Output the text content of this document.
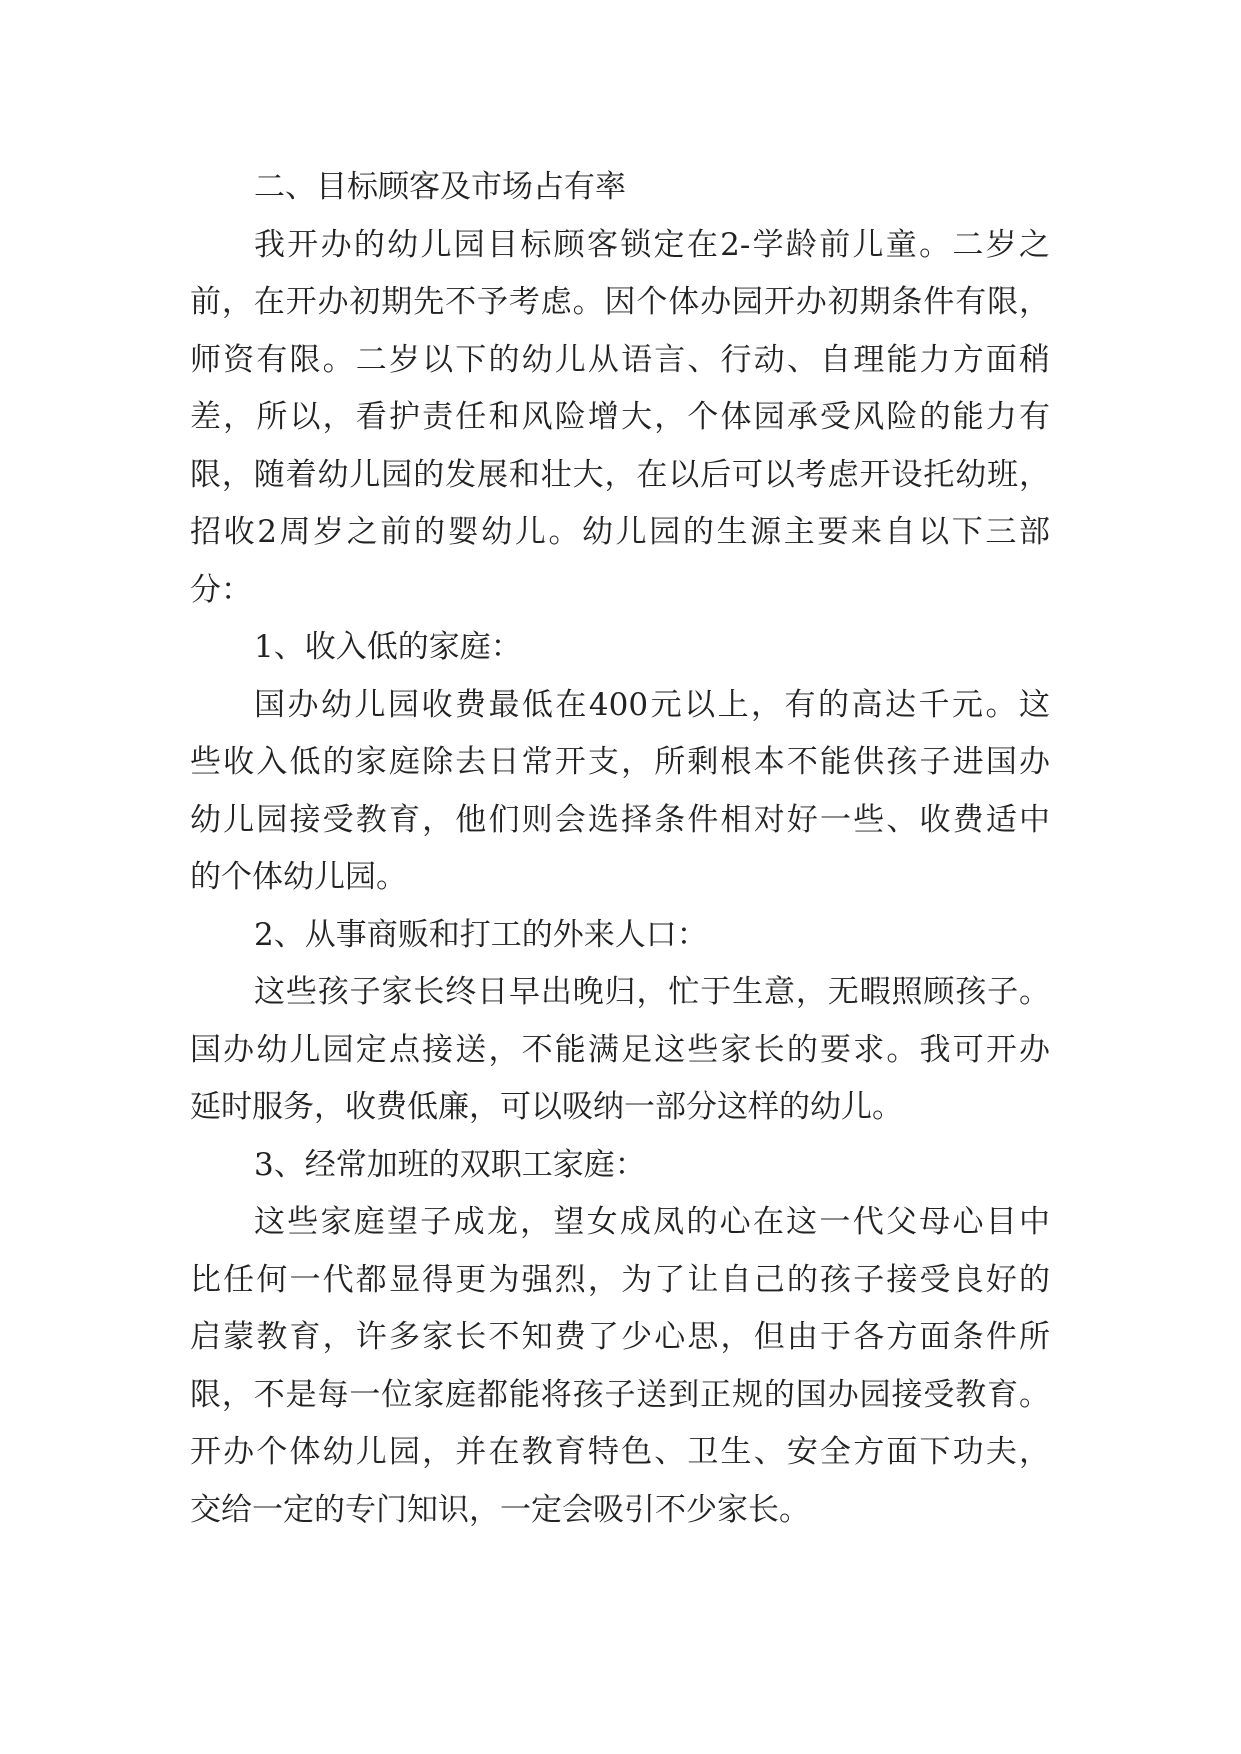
二、目标顾客及市场占有率
我开办的幼儿园目标顾客锁定在2-学龄前儿童。二岁之
前，在开办初期先不予考虑。因个体办园开办初期条件有限，
师资有限。二岁以下的幼儿从语言、行动、自理能力方面稍
差，所以，看护责任和风险增大，个体园承受风险的能力有
限，随着幼儿园的发展和壮大，在以后可以考虑开设托幼班，
招收2周岁之前的婴幼儿。幼儿园的生源主要来自以下三部
分：
1、收入低的家庭：
国办幼儿园收费最低在400元以上，有的高达千元。这
些收入低的家庭除去日常开支，所剩根本不能供孩子进国办
幼儿园接受教育，他们则会选择条件相对好一些、收费适中
的个体幼儿园。
2、从事商贩和打工的外来人口：
这些孩子家长终日早出晚归，忙于生意，无暇照顾孩子。
国办幼儿园定点接送，不能满足这些家长的要求。我可开办
延时服务，收费低廉，可以吸纳一部分这样的幼儿。
3、经常加班的双职工家庭：
这些家庭望子成龙，望女成凤的心在这一代父母心目中
比任何一代都显得更为强烈，为了让自己的孩子接受良好的
启蒙教育，许多家长不知费了少心思，但由于各方面条件所
限，不是每一位家庭都能将孩子送到正规的国办园接受教育。
开办个体幼儿园，并在教育特色、卫生、安全方面下功夫，
交给一定的专门知识，一定会吸引不少家长。
